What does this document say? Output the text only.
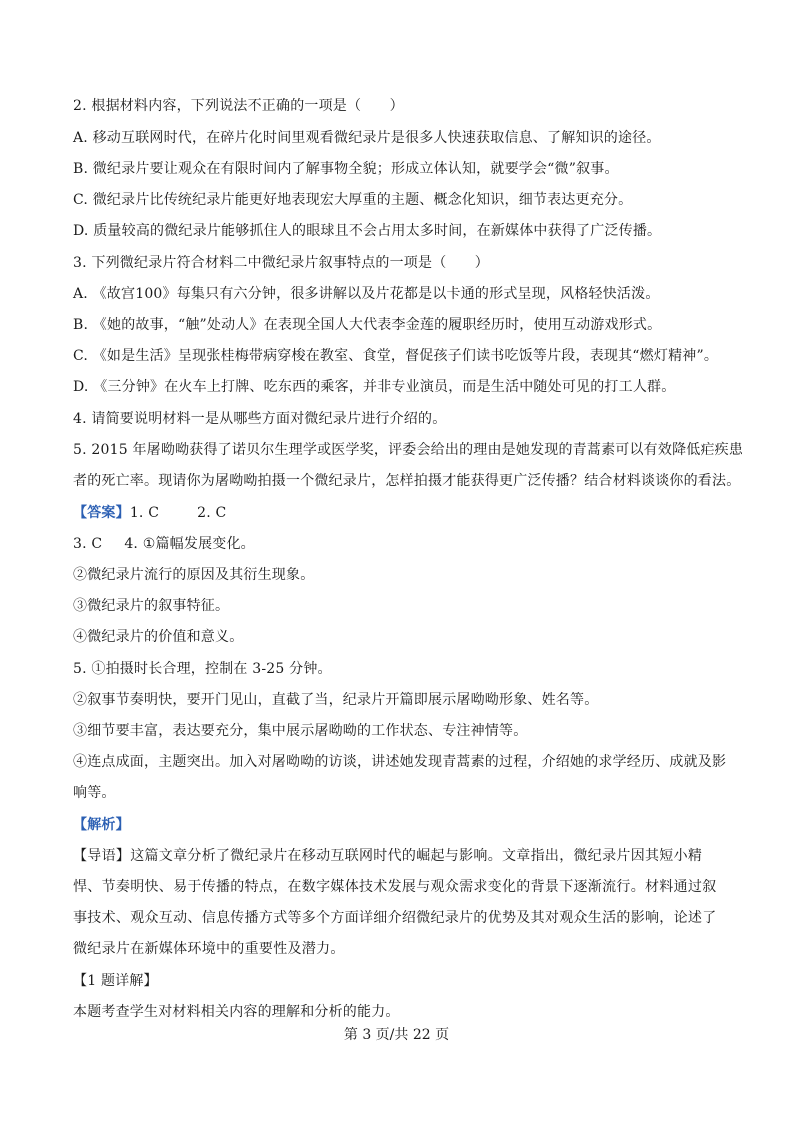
2. 根据材料内容，下列说法不正确的一项是（　　）
A. 移动互联网时代，在碎片化时间里观看微纪录片是很多人快速获取信息、了解知识的途径。
B. 微纪录片要让观众在有限时间内了解事物全貌；形成立体认知，就要学会“微”叙事。
C. 微纪录片比传统纪录片能更好地表现宏大厚重的主题、概念化知识，细节表达更充分。
D. 质量较高的微纪录片能够抓住人的眼球且不会占用太多时间，在新媒体中获得了广泛传播。
3. 下列微纪录片符合材料二中微纪录片叙事特点的一项是（　　）
A. 《故宫100》每集只有六分钟，很多讲解以及片花都是以卡通的形式呈现，风格轻快活泼。
B. 《她的故事，“触”处动人》在表现全国人大代表李金莲的履职经历时，使用互动游戏形式。
C. 《如是生活》呈现张桂梅带病穿梭在教室、食堂，督促孩子们读书吃饭等片段，表现其“燃灯精神”。
D. 《三分钟》在火车上打牌、吃东西的乘客，并非专业演员，而是生活中随处可见的打工人群。
4. 请简要说明材料一是从哪些方面对微纪录片进行介绍的。
5. 2015 年屠呦呦获得了诺贝尔生理学或医学奖，评委会给出的理由是她发现的青蒿素可以有效降低疟疾患
者的死亡率。现请你为屠呦呦拍摄一个微纪录片，怎样拍摄才能获得更广泛传播？结合材料谈谈你的看法。
【答案】1. C	2. C
3. C 4. ①篇幅发展变化。
②微纪录片流行的原因及其衍生现象。
③微纪录片的叙事特征。
④微纪录片的价值和意义。
5. ①拍摄时长合理，控制在 3-25 分钟。
②叙事节奏明快，要开门见山，直截了当，纪录片开篇即展示屠呦呦形象、姓名等。
③细节要丰富，表达要充分，集中展示屠呦呦的工作状态、专注神情等。
④连点成面，主题突出。加入对屠呦呦的访谈，讲述她发现青蒿素的过程，介绍她的求学经历、成就及影
响等。
【解析】
【导语】这篇文章分析了微纪录片在移动互联网时代的崛起与影响。文章指出，微纪录片因其短小精悍、节奏明快、易于传播的特点，在数字媒体技术发展与观众需求变化的背景下逐渐流行。材料通过叙事技术、观众互动、信息传播方式等多个方面详细介绍微纪录片的优势及其对观众生活的影响，论述了微纪录片在新媒体环境中的重要性及潜力。
【1 题详解】
本题考查学生对材料相关内容的理解和分析的能力。
第 3 页/共 22 页
